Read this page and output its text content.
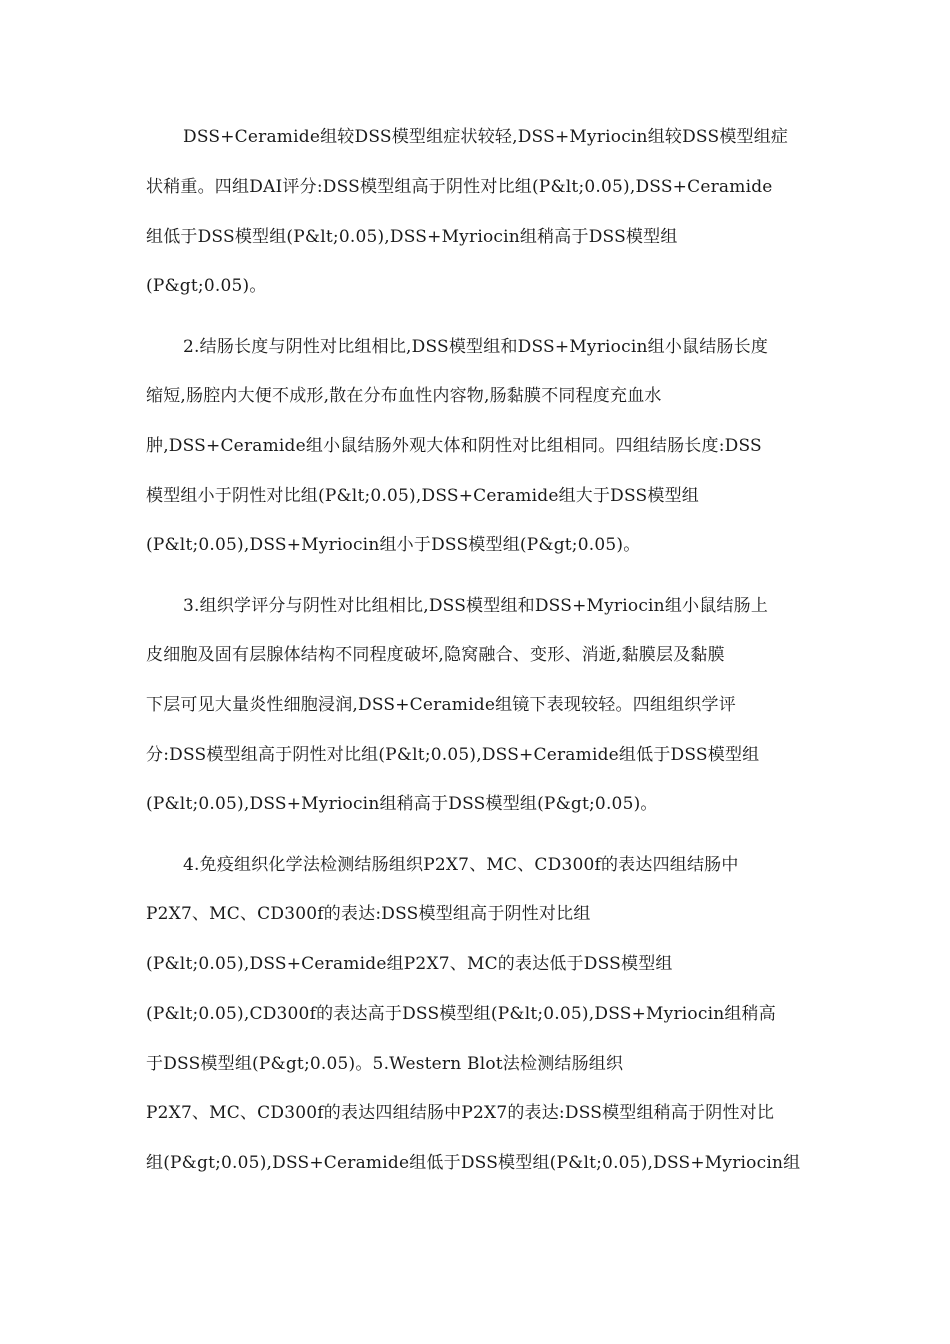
DSS+Ceramide组较DSS模型组症状较轻,DSS+Myriocin组较DSS模型组症
状稍重。四组DAI评分:DSS模型组高于阴性对比组(P&lt;0.05),DSS+Ceramide
组低于DSS模型组(P&lt;0.05),DSS+Myriocin组稍高于DSS模型组
(P&gt;0.05)。
2.结肠长度与阴性对比组相比,DSS模型组和DSS+Myriocin组小鼠结肠长度
缩短,肠腔内大便不成形,散在分布血性内容物,肠黏膜不同程度充血水
肿,DSS+Ceramide组小鼠结肠外观大体和阴性对比组相同。四组结肠长度:DSS
模型组小于阴性对比组(P&lt;0.05),DSS+Ceramide组大于DSS模型组
(P&lt;0.05),DSS+Myriocin组小于DSS模型组(P&gt;0.05)。
3.组织学评分与阴性对比组相比,DSS模型组和DSS+Myriocin组小鼠结肠上
皮细胞及固有层腺体结构不同程度破坏,隐窝融合、变形、消逝,黏膜层及黏膜
下层可见大量炎性细胞浸润,DSS+Ceramide组镜下表现较轻。四组组织学评
分:DSS模型组高于阴性对比组(P&lt;0.05),DSS+Ceramide组低于DSS模型组
(P&lt;0.05),DSS+Myriocin组稍高于DSS模型组(P&gt;0.05)。
4.免疫组织化学法检测结肠组织P2X7、MC、CD300f的表达四组结肠中
P2X7、MC、CD300f的表达:DSS模型组高于阴性对比组
(P&lt;0.05),DSS+Ceramide组P2X7、MC的表达低于DSS模型组
(P&lt;0.05),CD300f的表达高于DSS模型组(P&lt;0.05),DSS+Myriocin组稍高
于DSS模型组(P&gt;0.05)。5.Western Blot法检测结肠组织
P2X7、MC、CD300f的表达四组结肠中P2X7的表达:DSS模型组稍高于阴性对比
组(P&gt;0.05),DSS+Ceramide组低于DSS模型组(P&lt;0.05),DSS+Myriocin组
